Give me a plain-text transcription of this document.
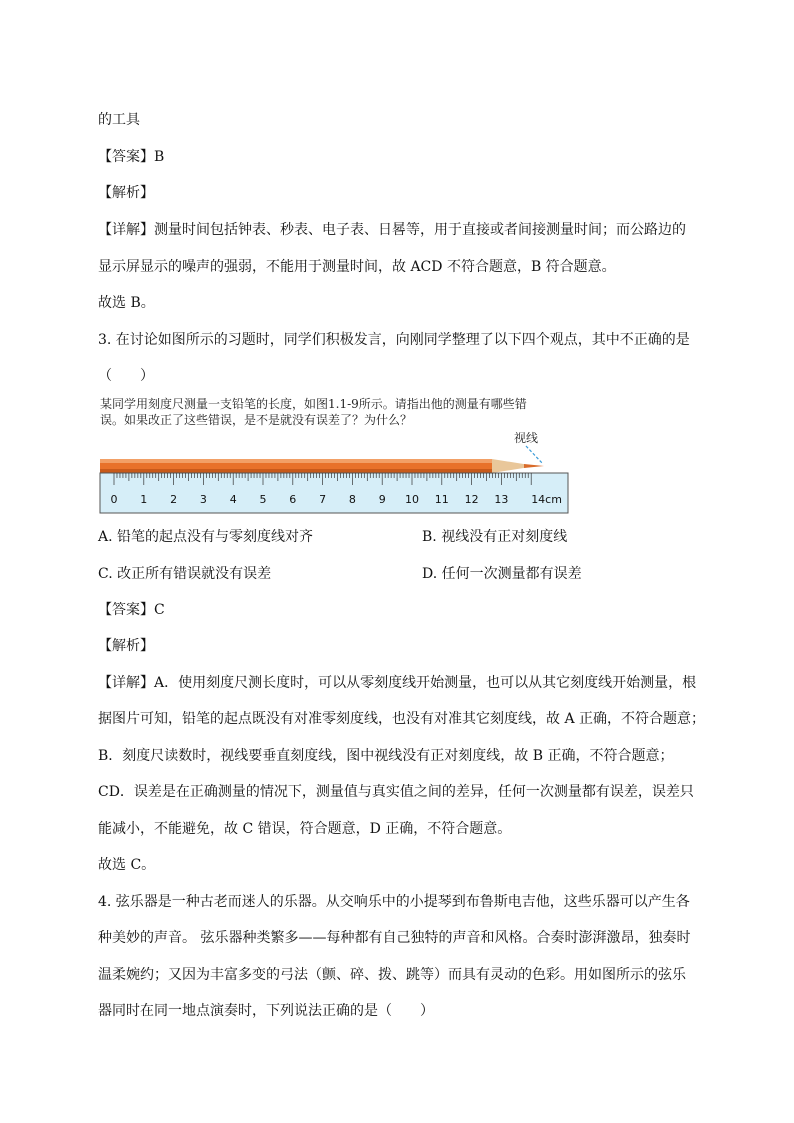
的工具
【答案】B
【解析】
【详解】测量时间包括钟表、秒表、电子表、日晷等，用于直接或者间接测量时间；而公路边的
显示屏显示的噪声的强弱，不能用于测量时间，故 ACD 不符合题意，B 符合题意。
故选 B。
3. 在讨论如图所示的习题时，同学们积极发言，向刚同学整理了以下四个观点，其中不正确的是
（　　）
某同学用刻度尺测量一支铅笔的长度，如图1.1-9所示。请指出他的测量有哪些错
误。如果改正了这些错误，是不是就没有误差了？为什么？
视线
0 1 2 3 4 5 6 7 8 9 10 11 12 13 14cm
A. 铅笔的起点没有与零刻度线对齐	B. 视线没有正对刻度线
C. 改正所有错误就没有误差	D. 任何一次测量都有误差
【答案】C
【解析】
【详解】A．使用刻度尺测长度时，可以从零刻度线开始测量，也可以从其它刻度线开始测量，根
据图片可知，铅笔的起点既没有对准零刻度线，也没有对准其它刻度线，故 A 正确，不符合题意；
B．刻度尺读数时，视线要垂直刻度线，图中视线没有正对刻度线，故 B 正确，不符合题意；
CD．误差是在正确测量的情况下，测量值与真实值之间的差异，任何一次测量都有误差，误差只
能减小，不能避免，故 C 错误，符合题意，D 正确，不符合题意。
故选 C。
4. 弦乐器是一种古老而迷人的乐器。从交响乐中的小提琴到布鲁斯电吉他，这些乐器可以产生各
种美妙的声音。 弦乐器种类繁多——每种都有自己独特的声音和风格。合奏时澎湃激昂，独奏时
温柔婉约；又因为丰富多变的弓法（颤、碎、拨、跳等）而具有灵动的色彩。用如图所示的弦乐
器同时在同一地点演奏时，下列说法正确的是（　　）
